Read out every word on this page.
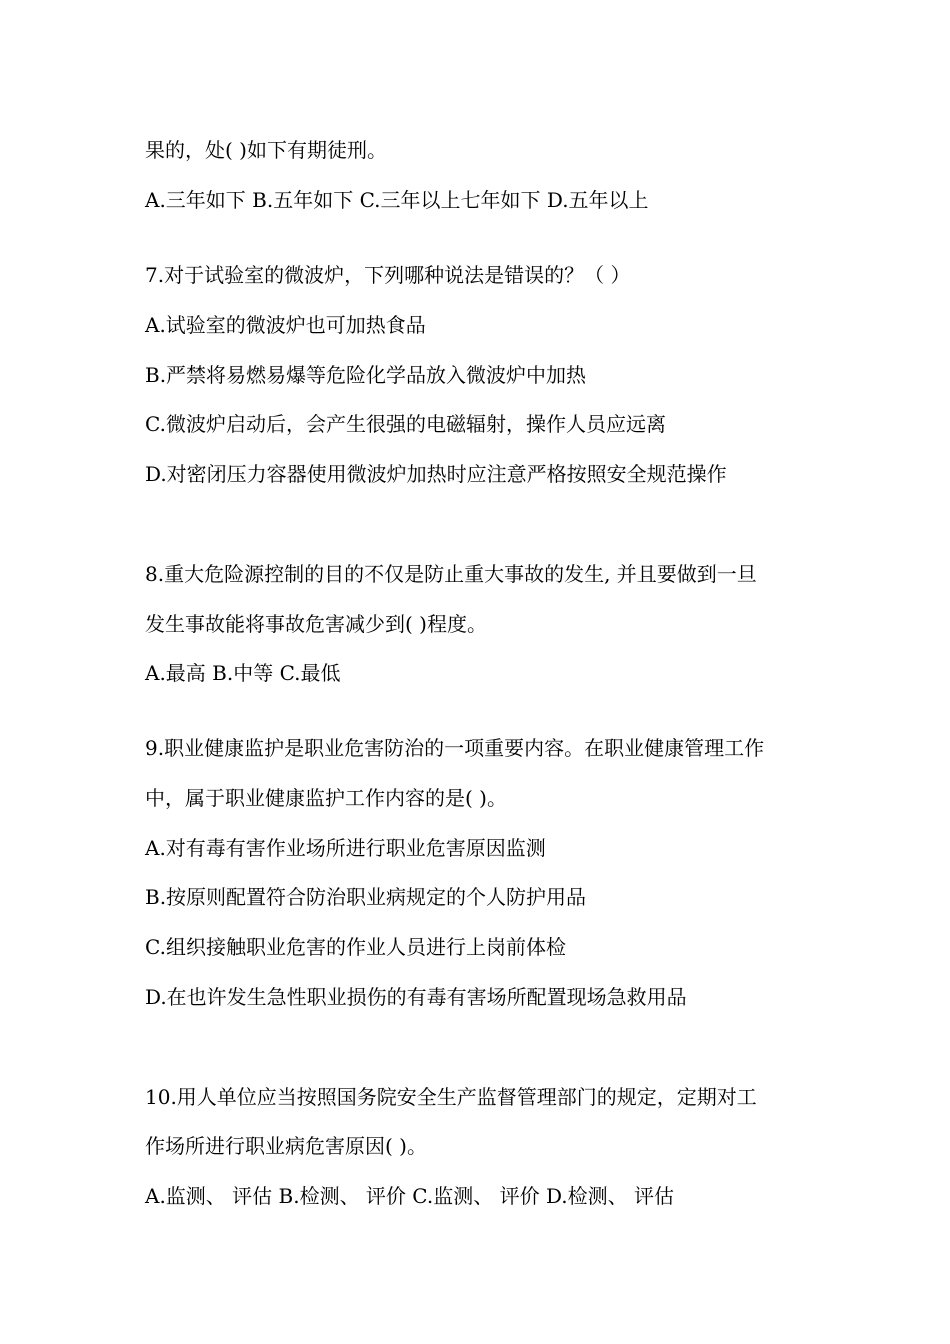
果的，处( )如下有期徒刑。
A.三年如下 B.五年如下 C.三年以上七年如下 D.五年以上
7.对于试验室的微波炉，下列哪种说法是错误的？（ ）
A.试验室的微波炉也可加热食品
B.严禁将易燃易爆等危险化学品放入微波炉中加热
C.微波炉启动后，会产生很强的电磁辐射，操作人员应远离
D.对密闭压力容器使用微波炉加热时应注意严格按照安全规范操作
8.重大危险源控制的目的不仅是防止重大事故的发生, 并且要做到一旦
发生事故能将事故危害减少到( )程度。
A.最高 B.中等 C.最低
9.职业健康监护是职业危害防治的一项重要内容。在职业健康管理工作
中，属于职业健康监护工作内容的是( )。
A.对有毒有害作业场所进行职业危害原因监测
B.按原则配置符合防治职业病规定的个人防护用品
C.组织接触职业危害的作业人员进行上岗前体检
D.在也许发生急性职业损伤的有毒有害场所配置现场急救用品
10.用人单位应当按照国务院安全生产监督管理部门的规定，定期对工
作场所进行职业病危害原因( )。
A.监测、 评估 B.检测、 评价 C.监测、 评价 D.检测、 评估
